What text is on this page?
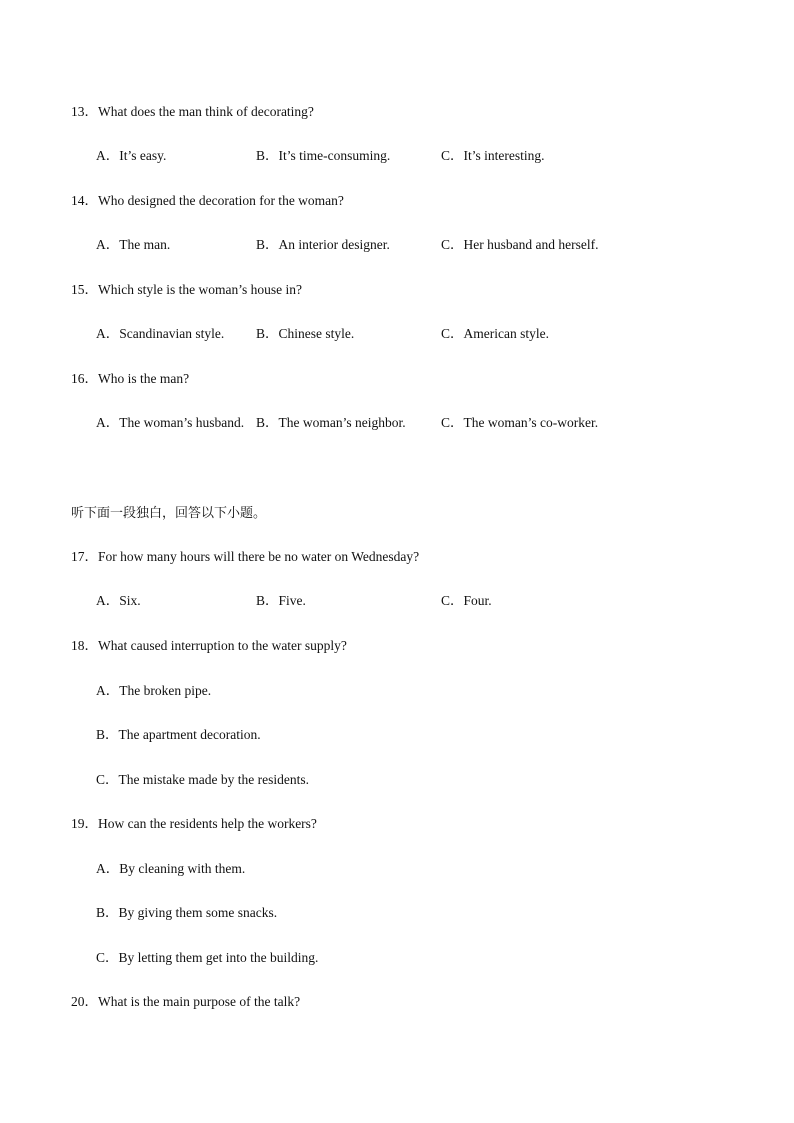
13．What does the man think of decorating?
A．It’s easy.	B．It’s time-consuming.	C．It’s interesting.
14．Who designed the decoration for the woman?
A．The man.	B．An interior designer.	C．Her husband and herself.
15．Which style is the woman’s house in?
A．Scandinavian style. B．Chinese style.	C．American style.
16．Who is the man?
A．The woman’s husband. B．The woman’s neighbor.	C．The woman’s co-worker.
听下面一段独白，回答以下小题。
17．For how many hours will there be no water on Wednesday?
A．Six.	B．Five.	C．Four.
18．What caused interruption to the water supply?
A．The broken pipe.
B．The apartment decoration.
C．The mistake made by the residents.
19．How can the residents help the workers?
A．By cleaning with them.
B．By giving them some snacks.
C．By letting them get into the building.
20．What is the main purpose of the talk?
